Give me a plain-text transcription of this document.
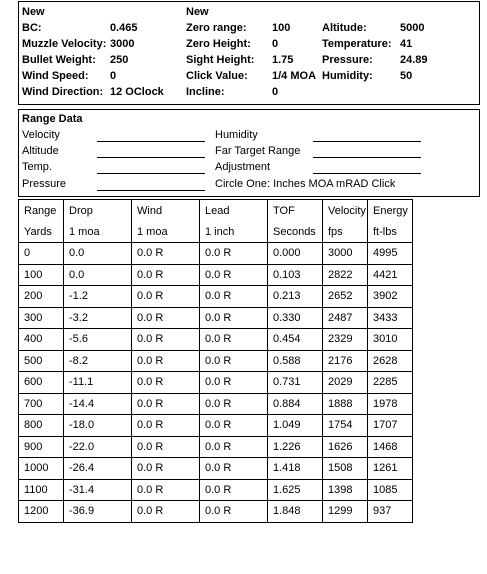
New
BC:	0.465
Muzzle Velocity: 3000
Bullet Weight: 250
Wind Speed: 0
Wind Direction: 12 OClock
New
Zero range: 100
Zero Height: 0
Sight Height: 1.75
Click Value: 1/4 MOA
Incline:	0
Altitude:	5000
Temperature: 41
Pressure: 24.89
Humidity: 50
Range Data
Velocity
Altitude
Temp.
Pressure
Humidity
Far Target Range
Adjustment
Circle One: Inches MOA mRAD Click
Range	Drop	Wind	Lead	TOF	Velocity	Energy
Yards	1 moa	1 moa	1 inch	Seconds	fps	ft-lbs
0	0.0	0.0 R	0.0 R	0.000	3000	4995
100	0.0	0.0 R	0.0 R	0.103	2822	4421
200	-1.2	0.0 R	0.0 R	0.213	2652	3902
300	-3.2	0.0 R	0.0 R	0.330	2487	3433
400	-5.6	0.0 R	0.0 R	0.454	2329	3010
500	-8.2	0.0 R	0.0 R	0.588	2176	2628
600	-11.1	0.0 R	0.0 R	0.731	2029	2285
700	-14.4	0.0 R	0.0 R	0.884	1888	1978
800	-18.0	0.0 R	0.0 R	1.049	1754	1707
900	-22.0	0.0 R	0.0 R	1.226	1626	1468
1000	-26.4	0.0 R	0.0 R	1.418	1508	1261
1100	-31.4	0.0 R	0.0 R	1.625	1398	1085
1200	-36.9	0.0 R	0.0 R	1.848	1299	937
